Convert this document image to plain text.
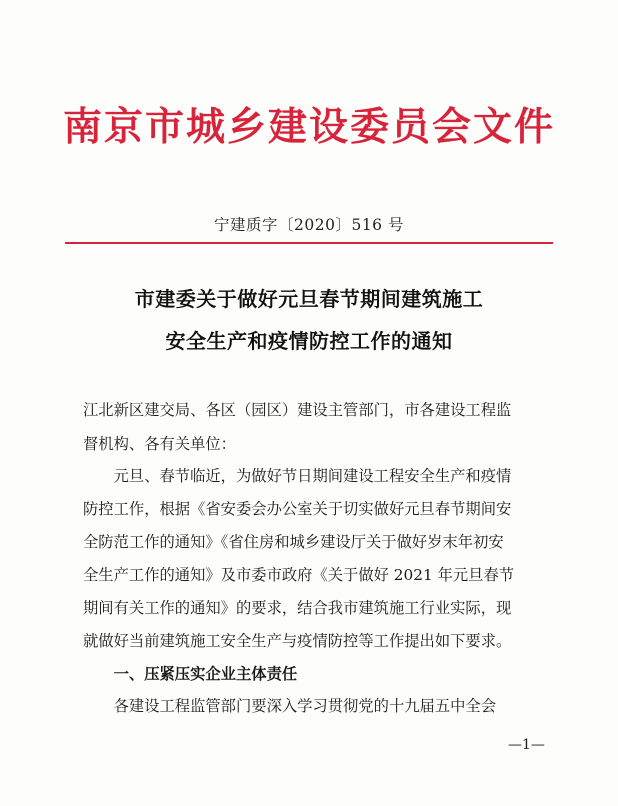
南京市城乡建设委员会文件
宁建质字〔2020〕516 号
市建委关于做好元旦春节期间建筑施工
安全生产和疫情防控工作的通知
江北新区建交局、各区（园区）建设主管部门，市各建设工程监
督机构、各有关单位：
　　元旦、春节临近，为做好节日期间建设工程安全生产和疫情
防控工作，根据《省安委会办公室关于切实做好元旦春节期间安
全防范工作的通知》《省住房和城乡建设厅关于做好岁末年初安
全生产工作的通知》及市委市政府《关于做好 2021 年元旦春节
期间有关工作的通知》的要求，结合我市建筑施工行业实际，现
就做好当前建筑施工安全生产与疫情防控等工作提出如下要求。
　　一、压紧压实企业主体责任
　　各建设工程监管部门要深入学习贯彻党的十九届五中全会
—1—
